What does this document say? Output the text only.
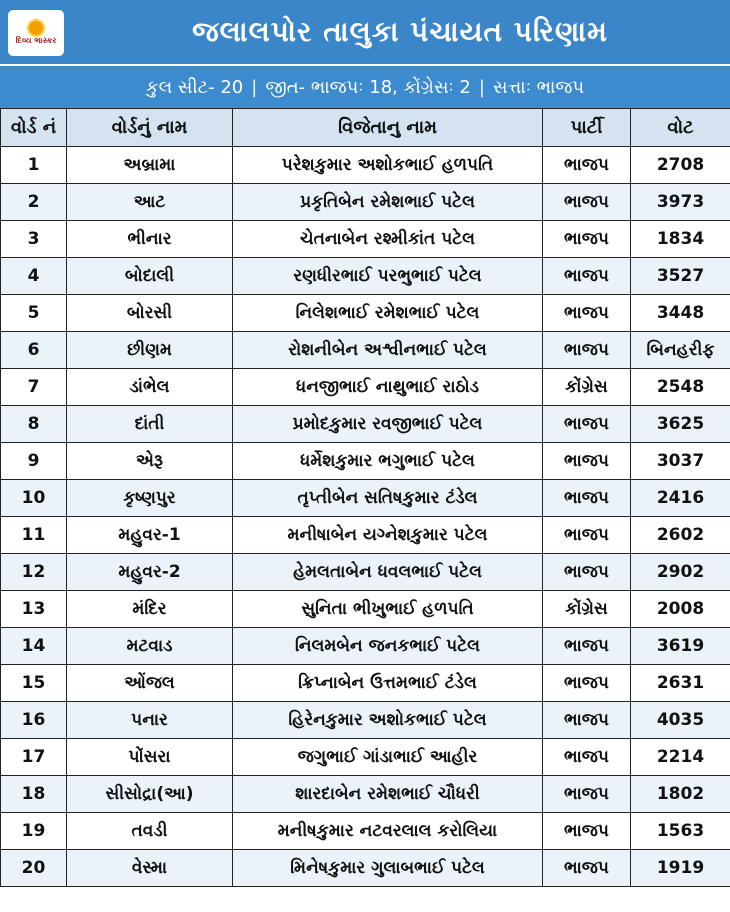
દિવ્ય ભાસ્કર	જલાલપોર તાલુકા પંચાયત પરિણામ
કુલ સીટ- 20 | જીત- ભાજપઃ 18, કોંગ્રેસઃ 2 | સત્તાઃ ભાજપ
વોર્ડ નં	વોર્ડનું નામ	વિજેતાનુ નામ	પાર્ટી	વોટ
1	અબ્રામા	પરેશકુમાર અશોકભાઈ હળપતિ	ભાજપ	2708
2	આટ	પ્રકૃતિબેન રમેશભાઈ પટેલ	ભાજપ	3973
3	ભીનાર	ચેતનાબેન રશ્મીકાંત પટેલ	ભાજપ	1834
4	બોદાલી	રણધીરભાઈ પરભુભાઈ પટેલ	ભાજપ	3527
5	બોરસી	નિલેશભાઈ રમેશભાઈ પટેલ	ભાજપ	3448
6	છીણમ	રોશનીબેન અશ્વીનભાઈ પટેલ	ભાજપ	બિનહરીફ
7	ડાંભેલ	ધનજીભાઈ નાથુભાઈ રાઠોડ	કોંગ્રેસ	2548
8	દાંતી	પ્રમોદકુમાર રવજીભાઈ પટેલ	ભાજપ	3625
9	એરૂ	ધર્મેશકુમાર ભગુભાઈ પટેલ	ભાજપ	3037
10	કૃષ્ણપુર	તૃપ્તીબેન સતિષકુમાર ટંડેલ	ભાજપ	2416
11	મહુવર-1	મનીષાબેન યગ્નેશકુમાર પટેલ	ભાજપ	2602
12	મહુવર-2	હેમલતાબેન ધવલભાઈ પટેલ	ભાજપ	2902
13	મંદિર	સુનિતા ભીખુભાઈ હળપતિ	કોંગ્રેસ	2008
14	મટવાડ	નિલમબેન જનકભાઈ પટેલ	ભાજપ	3619
15	ઓંજલ	ક્રિપ્નાબેન ઉત્તમભાઈ ટંડેલ	ભાજપ	2631
16	પનાર	હિરેનકુમાર અશોકભાઈ પટેલ	ભાજપ	4035
17	પોંસરા	જગુભાઈ ગાંડાભાઈ આહીર	ભાજપ	2214
18	સીસોદ્રા(આ)	શારદાબેન રમેશભાઈ ચૌધરી	ભાજપ	1802
19	તવડી	મનીષકુમાર નટવરલાલ કરોલિયા	ભાજપ	1563
20	વેસ્મા	મિનેષકુમાર ગુલાબભાઈ પટેલ	ભાજપ	1919
